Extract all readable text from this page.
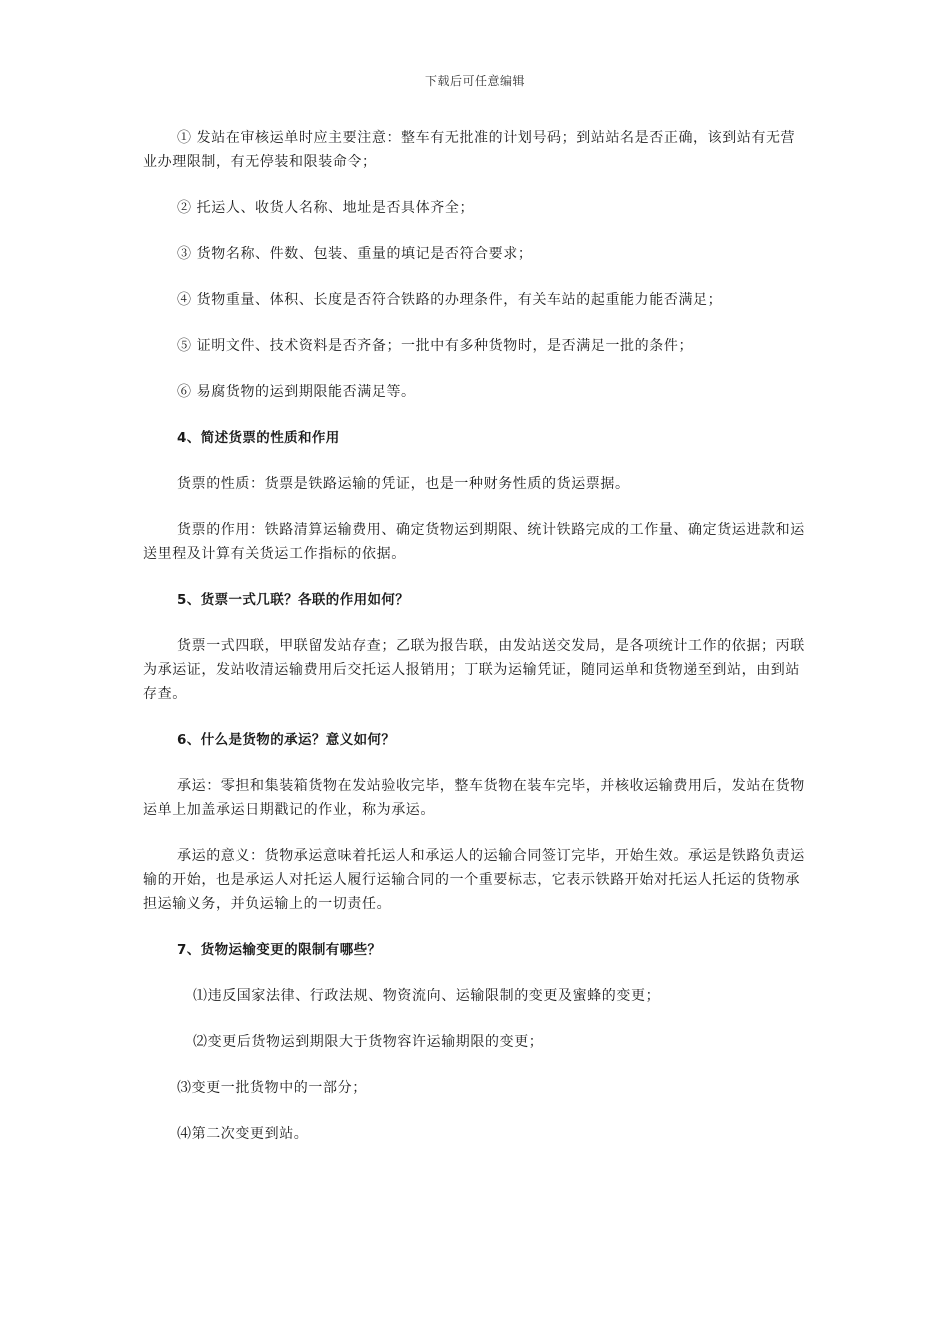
下载后可任意编辑

① 发站在审核运单时应主要注意：整车有无批准的计划号码；到站站名是否正确，该到站有无营业办理限制，有无停装和限装命令；

② 托运人、收货人名称、地址是否具体齐全；

③ 货物名称、件数、包装、重量的填记是否符合要求；

④ 货物重量、体积、长度是否符合铁路的办理条件，有关车站的起重能力能否满足；

⑤ 证明文件、技术资料是否齐备；一批中有多种货物时，是否满足一批的条件；

⑥ 易腐货物的运到期限能否满足等。

4、简述货票的性质和作用

货票的性质：货票是铁路运输的凭证，也是一种财务性质的货运票据。

货票的作用：铁路清算运输费用、确定货物运到期限、统计铁路完成的工作量、确定货运进款和运送里程及计算有关货运工作指标的依据。

5、货票一式几联？各联的作用如何？

货票一式四联，甲联留发站存查；乙联为报告联，由发站送交发局，是各项统计工作的依据；丙联为承运证，发站收清运输费用后交托运人报销用；丁联为运输凭证，随同运单和货物递至到站，由到站存查。

6、什么是货物的承运？意义如何？

承运：零担和集装箱货物在发站验收完毕，整车货物在装车完毕，并核收运输费用后，发站在货物运单上加盖承运日期戳记的作业，称为承运。

承运的意义：货物承运意味着托运人和承运人的运输合同签订完毕，开始生效。承运是铁路负责运输的开始，也是承运人对托运人履行运输合同的一个重要标志，它表示铁路开始对托运人托运的货物承担运输义务，并负运输上的一切责任。

7、货物运输变更的限制有哪些？

⑴违反国家法律、行政法规、物资流向、运输限制的变更及蜜蜂的变更；

⑵变更后货物运到期限大于货物容许运输期限的变更；

⑶变更一批货物中的一部分；

⑷第二次变更到站。
